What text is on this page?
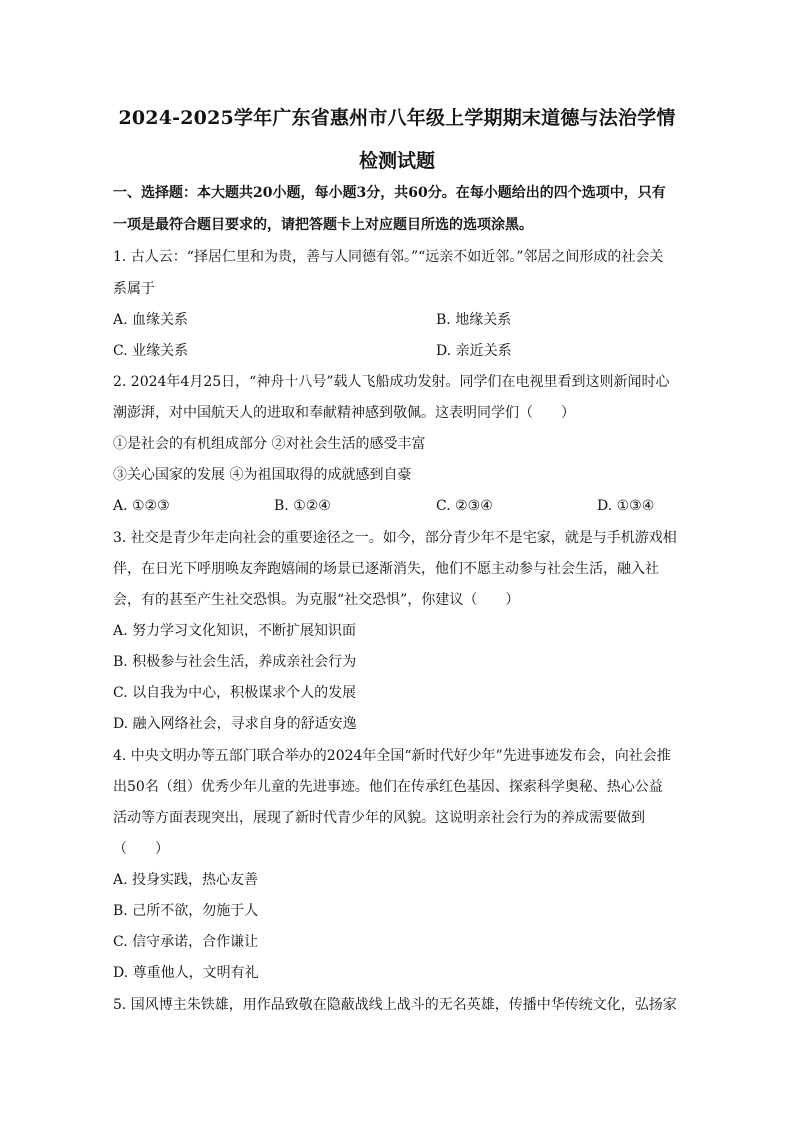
2024-2025学年广东省惠州市八年级上学期期末道德与法治学情
检测试题
一、选择题：本大题共20小题，每小题3分，共60分。在每小题给出的四个选项中，只有
一项是最符合题目要求的，请把答题卡上对应题目所选的选项涂黑。
1. 古人云：“择居仁里和为贵，善与人同德有邻。”“远亲不如近邻。”邻居之间形成的社会关
系属于
A. 血缘关系	B. 地缘关系
C. 业缘关系	D. 亲近关系
2. 2024年4月25日，“神舟十八号”载人飞船成功发射。同学们在电视里看到这则新闻时心
潮澎湃，对中国航天人的进取和奉献精神感到敬佩。这表明同学们（　　）
①是社会的有机组成部分 ②对社会生活的感受丰富
③关心国家的发展 ④为祖国取得的成就感到自豪
A. ①②③	B. ①②④	C. ②③④	D. ①③④
3. 社交是青少年走向社会的重要途径之一。如今，部分青少年不是宅家，就是与手机游戏相
伴，在日光下呼朋唤友奔跑嬉闹的场景已逐渐消失，他们不愿主动参与社会生活，融入社
会，有的甚至产生社交恐惧。为克服“社交恐惧”，你建议（　　）
A. 努力学习文化知识，不断扩展知识面
B. 积极参与社会生活，养成亲社会行为
C. 以自我为中心，积极谋求个人的发展
D. 融入网络社会，寻求自身的舒适安逸
4. 中央文明办等五部门联合举办的2024年全国“新时代好少年”先进事迹发布会，向社会推
出50名（组）优秀少年儿童的先进事迹。他们在传承红色基因、探索科学奥秘、热心公益
活动等方面表现突出，展现了新时代青少年的风貌。这说明亲社会行为的养成需要做到
（　　）
A. 投身实践，热心友善
B. 己所不欲，勿施于人
C. 信守承诺，合作谦让
D. 尊重他人，文明有礼
5. 国风博主朱铁雄，用作品致敬在隐蔽战线上战斗的无名英雄，传播中华传统文化，弘扬家
